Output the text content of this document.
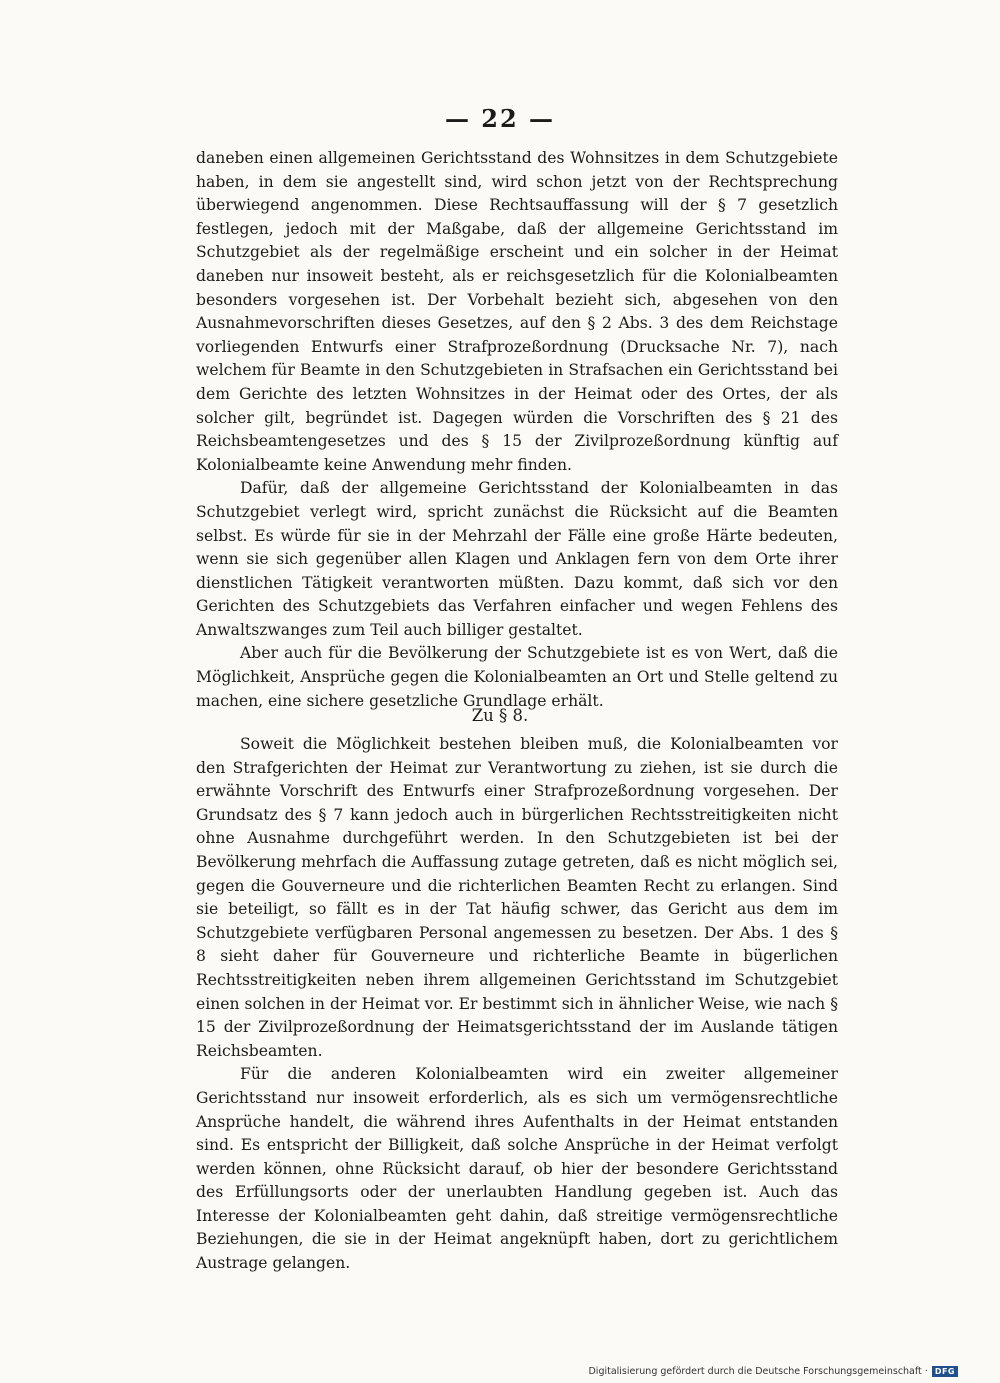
— 22 —

daneben einen allgemeinen Gerichtsstand des Wohnsitzes in dem Schutzgebiete haben, in dem sie angestellt sind, wird schon jetzt von der Rechtsprechung überwiegend angenommen. Diese Rechtsauffassung will der § 7 gesetzlich festlegen, jedoch mit der Maßgabe, daß der allgemeine Gerichtsstand im Schutzgebiet als der regelmäßige erscheint und ein solcher in der Heimat daneben nur insoweit besteht, als er reichsgesetzlich für die Kolonialbeamten besonders vorgesehen ist. Der Vorbehalt bezieht sich, abgesehen von den Ausnahmevorschriften dieses Gesetzes, auf den § 2 Abs. 3 des dem Reichstage vorliegenden Entwurfs einer Strafprozeßordnung (Drucksache Nr. 7), nach welchem für Beamte in den Schutzgebieten in Strafsachen ein Gerichtsstand bei dem Gerichte des letzten Wohnsitzes in der Heimat oder des Ortes, der als solcher gilt, begründet ist. Dagegen würden die Vorschriften des § 21 des Reichsbeamtengesetzes und des § 15 der Zivilprozeßordnung künftig auf Kolonialbeamte keine Anwendung mehr finden.

Dafür, daß der allgemeine Gerichtsstand der Kolonialbeamten in das Schutzgebiet verlegt wird, spricht zunächst die Rücksicht auf die Beamten selbst. Es würde für sie in der Mehrzahl der Fälle eine große Härte bedeuten, wenn sie sich gegenüber allen Klagen und Anklagen fern von dem Orte ihrer dienstlichen Tätigkeit verantworten müßten. Dazu kommt, daß sich vor den Gerichten des Schutzgebiets das Verfahren einfacher und wegen Fehlens des Anwaltszwanges zum Teil auch billiger gestaltet.

Aber auch für die Bevölkerung der Schutzgebiete ist es von Wert, daß die Möglichkeit, Ansprüche gegen die Kolonialbeamten an Ort und Stelle geltend zu machen, eine sichere gesetzliche Grundlage erhält.

Zu § 8.

Soweit die Möglichkeit bestehen bleiben muß, die Kolonialbeamten vor den Strafgerichten der Heimat zur Verantwortung zu ziehen, ist sie durch die erwähnte Vorschrift des Entwurfs einer Strafprozeßordnung vorgesehen. Der Grundsatz des § 7 kann jedoch auch in bürgerlichen Rechtsstreitigkeiten nicht ohne Ausnahme durchgeführt werden. In den Schutzgebieten ist bei der Bevölkerung mehrfach die Auffassung zutage getreten, daß es nicht möglich sei, gegen die Gouverneure und die richterlichen Beamten Recht zu erlangen. Sind sie beteiligt, so fällt es in der Tat häufig schwer, das Gericht aus dem im Schutzgebiete verfügbaren Personal angemessen zu besetzen. Der Abs. 1 des § 8 sieht daher für Gouverneure und richterliche Beamte in bügerlichen Rechtsstreitigkeiten neben ihrem allgemeinen Gerichtsstand im Schutzgebiet einen solchen in der Heimat vor. Er bestimmt sich in ähnlicher Weise, wie nach § 15 der Zivilprozeßordnung der Heimatsgerichtsstand der im Auslande tätigen Reichsbeamten.

Für die anderen Kolonialbeamten wird ein zweiter allgemeiner Gerichtsstand nur insoweit erforderlich, als es sich um vermögensrechtliche Ansprüche handelt, die während ihres Aufenthalts in der Heimat entstanden sind. Es entspricht der Billigkeit, daß solche Ansprüche in der Heimat verfolgt werden können, ohne Rücksicht darauf, ob hier der besondere Gerichtsstand des Erfüllungsorts oder der unerlaubten Handlung gegeben ist. Auch das Interesse der Kolonialbeamten geht dahin, daß streitige vermögensrechtliche Beziehungen, die sie in der Heimat angeknüpft haben, dort zu gerichtlichem Austrage gelangen.

Digitalisierung gefördert durch die Deutsche Forschungsgemeinschaft · DFG
